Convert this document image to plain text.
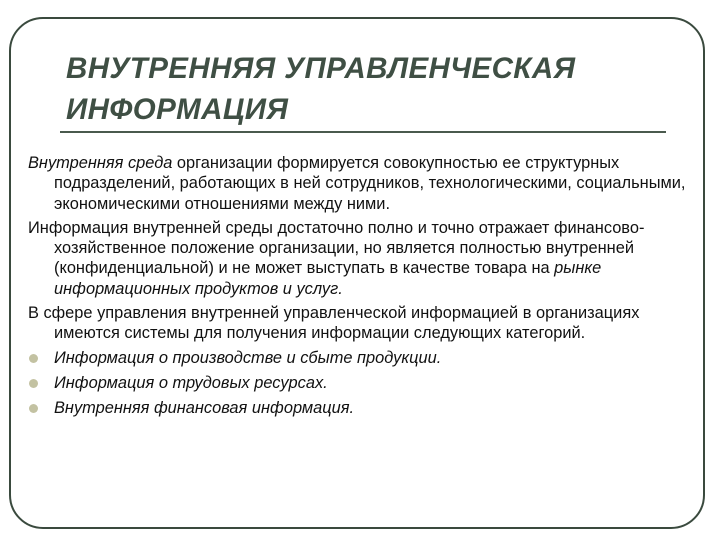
ВНУТРЕННЯЯ УПРАВЛЕНЧЕСКАЯ
ИНФОРМАЦИЯ

Внутренняя среда организации формируется совокупностью ее структурных подразделений, работающих в ней сотрудников, технологическими, социальными, экономическими отношениями между ними.

Информация внутренней среды достаточно полно и точно отражает финансово-хозяйственное положение организации, но является полностью внутренней (конфиденциальной) и не может выступать в качестве товара на рынке информационных продуктов и услуг.

В сфере управления внутренней управленческой информацией в организациях имеются системы для получения информации следующих категорий.

Информация о производстве и сбыте продукции.
Информация о трудовых ресурсах.
Внутренняя финансовая информация.
